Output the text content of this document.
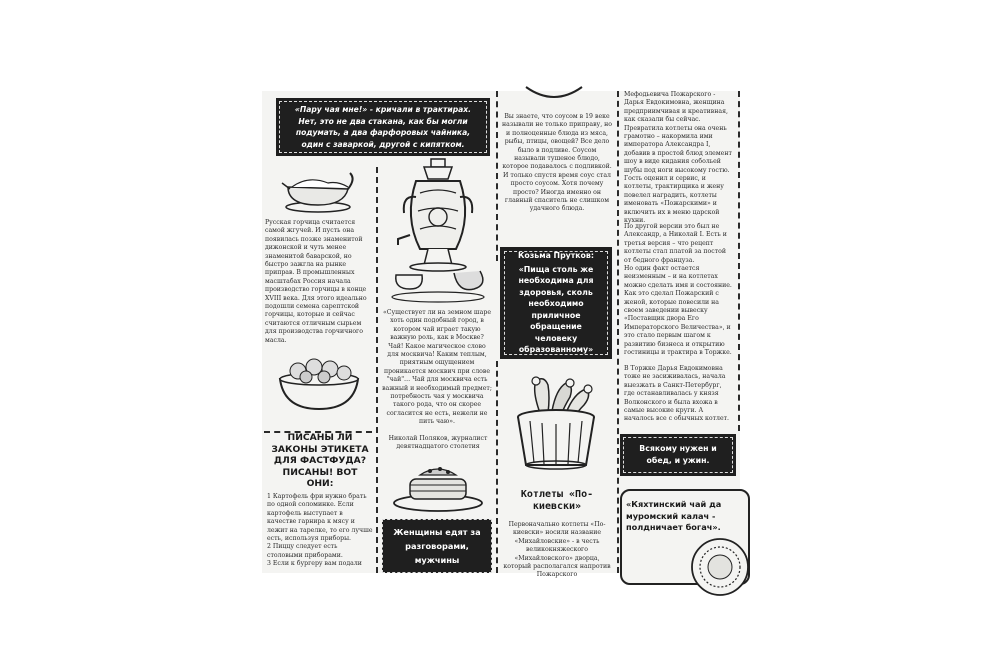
«Пару чая мне!» - кричали в трактирах. Нет, это не два стакана, как бы могли подумать, а два фарфоровых чайника, один с заваркой, другой с кипятком.
Русская горчица считается самой жгучей. И пусть она появилась позже знаменитой дижонской и чуть менее знаменитой баварской, но быстро зажгла на рынке приправ. В промышленных масштабах Россия начала производство горчицы в конце XVIII века. Для этого идеально подошли семена сарептской горчицы, которые и сейчас считаются отличным сырьем для производства горчичного масла.
ПИСАНЫ ЛИ ЗАКОНЫ ЭТИКЕТА ДЛЯ ФАСТФУДА? ПИСАНЫ! ВОТ ОНИ:
1 Картофель фри нужно брать по одной соломинке. Если картофель выступает в качестве гарнира к мясу и лежит на тарелке, то его лучше есть, используя приборы.
2 Пиццу следует есть столовыми приборами.
3 Если к бургеру вам подали
«Существует ли на земном шаре хоть один подобный город, в котором чай играет такую важную роль, как в Москве? Чай! Какое магическое слово для москвича! Каким теплым, приятным ощущением проникается москвич при слове "чай"… Чай для москвича есть важный и необходимый предмет; потребность чая у москвича такого рода, что он скорее согласится не есть, нежели не пить чаю».
Николай Поляков, журналист девятнадцатого столетия
Женщины едят за разговорами, мужчины
Вы знаете, что соусом в 19 веке называли не только приправу, но и полноценные блюда из мяса, рыбы, птицы, овощей? Все дело было в подливе. Соусом называли тушеное блюдо, которое подавалось с подливкой. И только спустя время соус стал просто соусом. Хотя почему просто? Иногда именно он главный спаситель не слишком удачного блюда.
Козьма Прутков:
«Пища столь же необходима для здоровья, сколь необходимо приличное обращение человеку образованному»
Котлеты «По-киевски»
Первоначально котлеты «По-киевски» носили название «Михайловские» - в честь великокняжеского «Михайловского» дворца, который располагался напротив Пожарского
Мефодьевича Пожарского - Дарья Евдокимовна, женщина предприимчивая и креативная, как сказали бы сейчас. Превратила котлеты она очень грамотно – накормила ими императора Александра I, добавив в простой блюд элемент шоу в виде кидания собольей шубы под ноги высокому гостю. Гость оценил и сервис, и котлеты, трактирщика и жену повелел наградить, котлеты именовать «Пожарскими» и включить их в меню царской кухни.
По другой версии это был не Александр, а Николай I. Есть и третья версия – что рецепт котлеты стал платой за постой от бедного француза.
Но один факт остается неизменным – и на котлетах можно сделать имя и состояние. Как это сделал Пожарский с женой, которые повесили на своем заведении вывеску «Поставщик двора Его Императорского Величества», и это стало первым шагом к развитию бизнеса и открытию гостиницы и трактира в Торжке.
В Торжке Дарья Евдокимовна тоже не засиживалась, начала выезжать в Санкт-Петербург, где останавливалась у князя Волконского и была вхожа в самые высокие круги. А началось все с обычных котлет.
Всякому нужен и обед, и ужин.
«Кяхтинский чай да муромский калач - полдничает богач».
